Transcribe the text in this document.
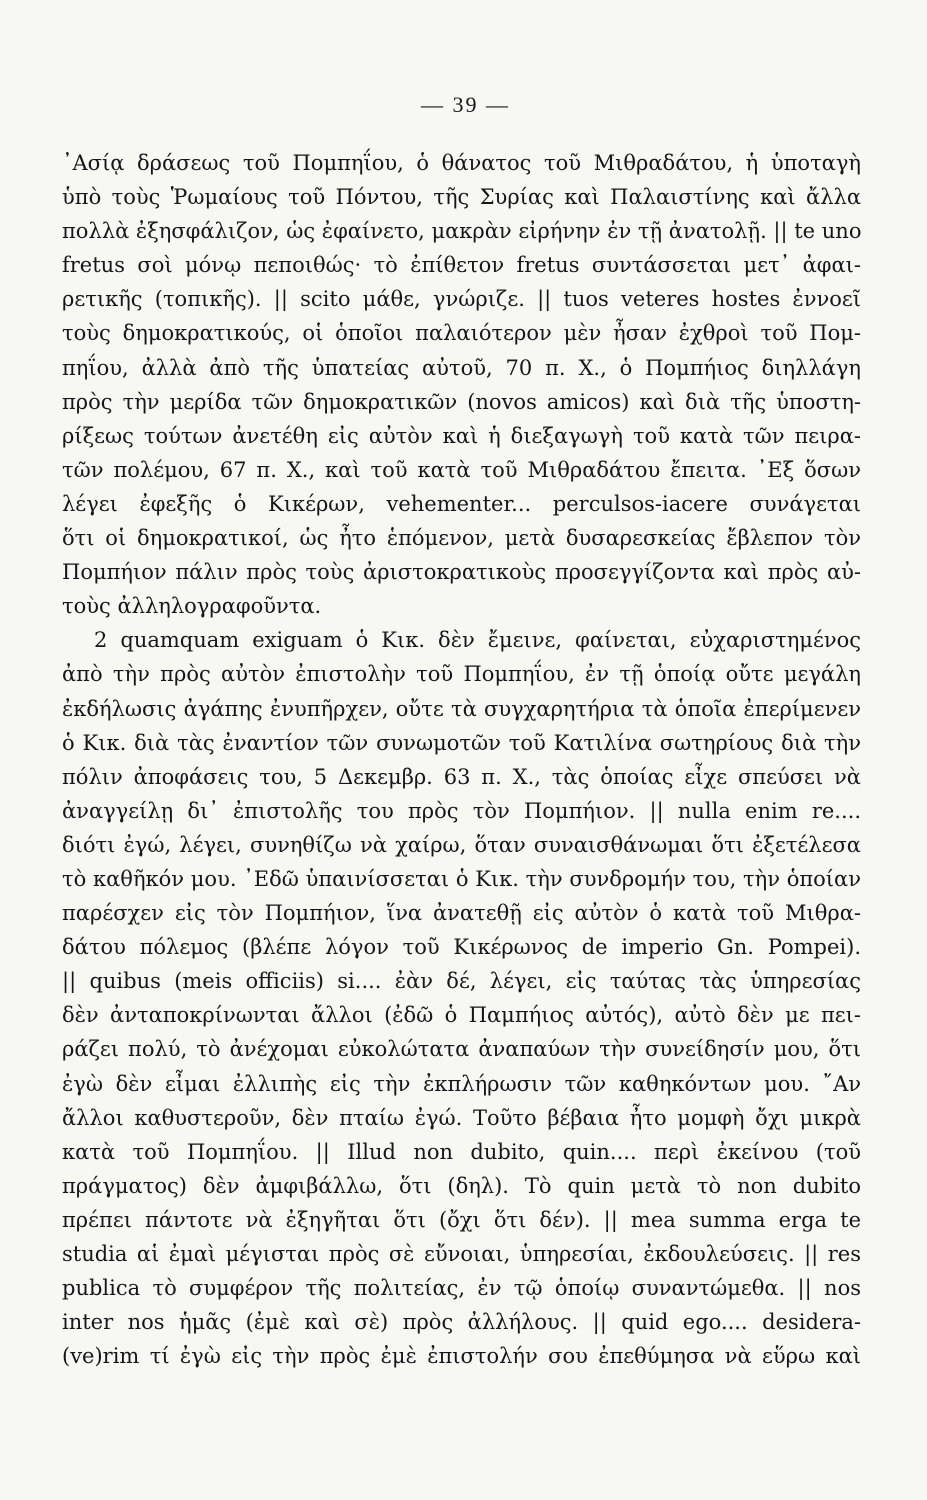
— 39 —
᾽Ασίᾳ δράσεως τοῦ Πομπηΐου, ὁ θάνατος τοῦ Μιθραδάτου, ἡ ὑποταγὴ
ὑπὸ τοὺς Ῥωμαίους τοῦ Πόντου, τῆς Συρίας καὶ Παλαιστίνης καὶ ἄλλα
πολλὰ ἐξησφάλιζον, ὡς ἐφαίνετο, μακρὰν εἰρήνην ἐν τῇ ἀνατολῇ. || te uno
fretus σοὶ μόνῳ πεποιθώς· τὸ ἐπίθετον fretus συντάσσεται μετ᾽ ἀφαι-
ρετικῆς (τοπικῆς). || scito μάθε, γνώριζε. || tuos veteres hostes ἐννοεῖ
τοὺς δημοκρατικούς, οἱ ὁποῖοι παλαιότερον μὲν ἦσαν ἐχθροὶ τοῦ Πομ-
πηΐου, ἀλλὰ ἀπὸ τῆς ὑπατείας αὐτοῦ, 70 π. Χ., ὁ Πομπήιος διηλλάγη
πρὸς τὴν μερίδα τῶν δημοκρατικῶν (novos amicos) καὶ διὰ τῆς ὑποστη-
ρίξεως τούτων ἀνετέθη εἰς αὐτὸν καὶ ἡ διεξαγωγὴ τοῦ κατὰ τῶν πειρα-
τῶν πολέμου, 67 π. Χ., καὶ τοῦ κατὰ τοῦ Μιθραδάτου ἔπειτα. ᾽Εξ ὅσων
λέγει ἐφεξῆς ὁ Κικέρων, vehementer... perculsos-iacere συνάγεται
ὅτι οἱ δημοκρατικοί, ὡς ἦτο ἑπόμενον, μετὰ δυσαρεσκείας ἔβλεπον τὸν
Πομπήιον πάλιν πρὸς τοὺς ἀριστοκρατικοὺς προσεγγίζοντα καὶ πρὸς αὐ-
τοὺς ἀλληλογραφοῦντα.
2 quamquam exiguam ὁ Κικ. δὲν ἔμεινε, φαίνεται, εὐχαριστημένος
ἀπὸ τὴν πρὸς αὐτὸν ἐπιστολὴν τοῦ Πομπηΐου, ἐν τῇ ὁποίᾳ οὔτε μεγάλη
ἐκδήλωσις ἀγάπης ἐνυπῆρχεν, οὔτε τὰ συγχαρητήρια τὰ ὁποῖα ἐπερίμενεν
ὁ Κικ. διὰ τὰς ἐναντίον τῶν συνωμοτῶν τοῦ Κατιλίνα σωτηρίους διὰ τὴν
πόλιν ἀποφάσεις του, 5 Δεκεμβρ. 63 π. Χ., τὰς ὁποίας εἶχε σπεύσει νὰ
ἀναγγείλῃ δι᾽ ἐπιστολῆς του πρὸς τὸν Πομπήιον. || nulla enim re....
διότι ἐγώ, λέγει, συνηθίζω νὰ χαίρω, ὅταν συναισθάνωμαι ὅτι ἐξετέλεσα
τὸ καθῆκόν μου. ᾽Εδῶ ὑπαινίσσεται ὁ Κικ. τὴν συνδρομήν του, τὴν ὁποίαν
παρέσχεν εἰς τὸν Πομπήιον, ἵνα ἀνατεθῇ εἰς αὐτὸν ὁ κατὰ τοῦ Μιθρα-
δάτου πόλεμος (βλέπε λόγον τοῦ Κικέρωνος de imperio Gn. Pompei).
|| quibus (meis officiis) si.... ἐὰν δέ, λέγει, εἰς ταύτας τὰς ὑπηρεσίας
δὲν ἀνταποκρίνωνται ἄλλοι (ἐδῶ ὁ Παμπήιος αὐτός), αὐτὸ δὲν με πει-
ράζει πολύ, τὸ ἀνέχομαι εὐκολώτατα ἀναπαύων τὴν συνείδησίν μου, ὅτι
ἐγὼ δὲν εἶμαι ἐλλιπὴς εἰς τὴν ἐκπλήρωσιν τῶν καθηκόντων μου. ῎Αν
ἄλλοι καθυστεροῦν, δὲν πταίω ἐγώ. Τοῦτο βέβαια ἦτο μομφὴ ὄχι μικρὰ
κατὰ τοῦ Πομπηΐου. || Illud non dubito, quin.... περὶ ἐκείνου (τοῦ
πράγματος) δὲν ἀμφιβάλλω, ὅτι (δηλ). Τὸ quin μετὰ τὸ non dubito
πρέπει πάντοτε νὰ ἐξηγῆται ὅτι (ὄχι ὅτι δέν). || mea summa erga te
studia αἱ ἐμαὶ μέγισται πρὸς σὲ εὔνοιαι, ὑπηρεσίαι, ἐκδουλεύσεις. || res
publica τὸ συμφέρον τῆς πολιτείας, ἐν τῷ ὁποίῳ συναντώμεθα. || nos
inter nos ἡμᾶς (ἐμὲ καὶ σὲ) πρὸς ἀλλήλους. || quid ego.... desidera-
(ve)rim τί ἐγὼ εἰς τὴν πρὸς ἐμὲ ἐπιστολήν σου ἐπεθύμησα νὰ εὕρω καὶ
